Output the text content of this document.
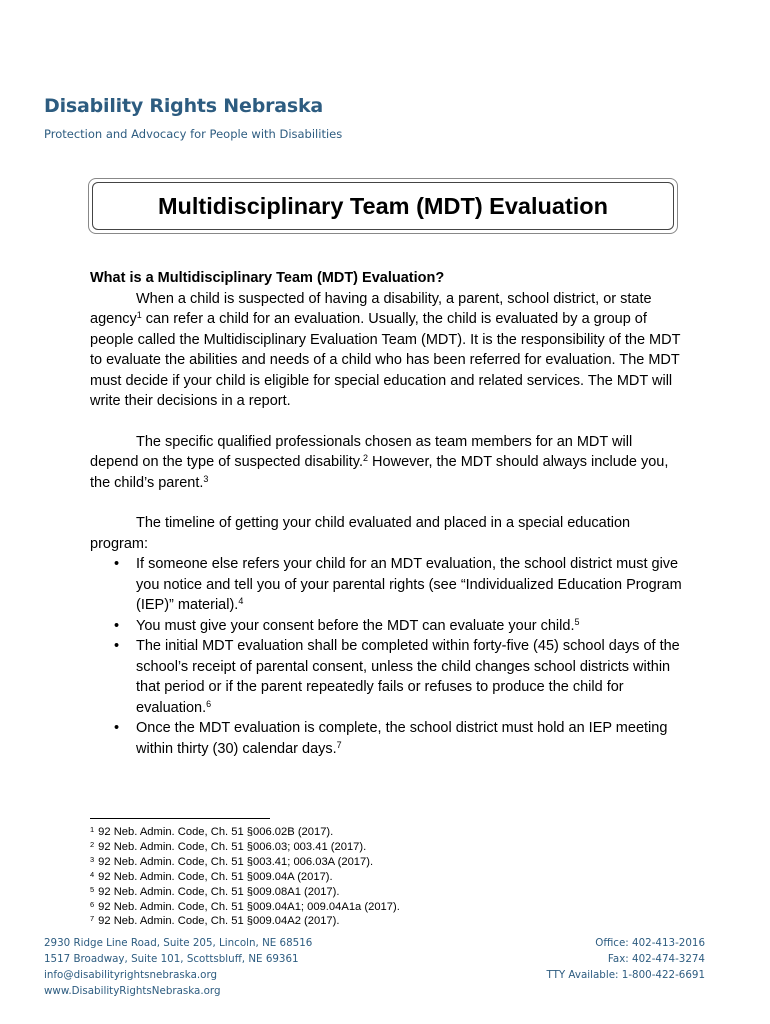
Disability Rights Nebraska
Protection and Advocacy for People with Disabilities
Multidisciplinary Team (MDT) Evaluation

What is a Multidisciplinary Team (MDT) Evaluation?

When a child is suspected of having a disability, a parent, school district, or state agency$^1$ can refer a child for an evaluation. Usually, the child is evaluated by a group of people called the Multidisciplinary Evaluation Team (MDT). It is the responsibility of the MDT to evaluate the abilities and needs of a child who has been referred for evaluation. The MDT must decide if your child is eligible for special education and related services. The MDT will write their decisions in a report.

The specific qualified professionals chosen as team members for an MDT will depend on the type of suspected disability.$^2$ However, the MDT should always include you, the child’s parent.$^3$

The timeline of getting your child evaluated and placed in a special education program:

• If someone else refers your child for an MDT evaluation, the school district must give you notice and tell you of your parental rights (see “Individualized Education Program (IEP)” material).$^4$
• You must give your consent before the MDT can evaluate your child.$^5$
• The initial MDT evaluation shall be completed within forty-five (45) school days of the school’s receipt of parental consent, unless the child changes school districts within that period or if the parent repeatedly fails or refuses to produce the child for evaluation.$^6$
• Once the MDT evaluation is complete, the school district must hold an IEP meeting within thirty (30) calendar days.$^7$

$^1$ 92 Neb. Admin. Code, Ch. 51 §006.02B (2017).

$^2$ 92 Neb. Admin. Code, Ch. 51 §006.03; 003.41 (2017).

$^3$ 92 Neb. Admin. Code, Ch. 51 §003.41; 006.03A (2017).

$^4$ 92 Neb. Admin. Code, Ch. 51 §009.04A (2017).

$^5$ 92 Neb. Admin. Code, Ch. 51 §009.08A1 (2017).

$^6$ 92 Neb. Admin. Code, Ch. 51 §009.04A1; 009.04A1a (2017).

$^7$ 92 Neb. Admin. Code, Ch. 51 §009.04A2 (2017).

2930 Ridge Line Road, Suite 205, Lincoln, NE 68516
1517 Broadway, Suite 101, Scottsbluff, NE 69361
info@disabilityrightsnebraska.org
www.DisabilityRightsNebraska.org
Office: 402-413-2016
Fax: 402-474-3274
TTY Available: 1-800-422-6691
